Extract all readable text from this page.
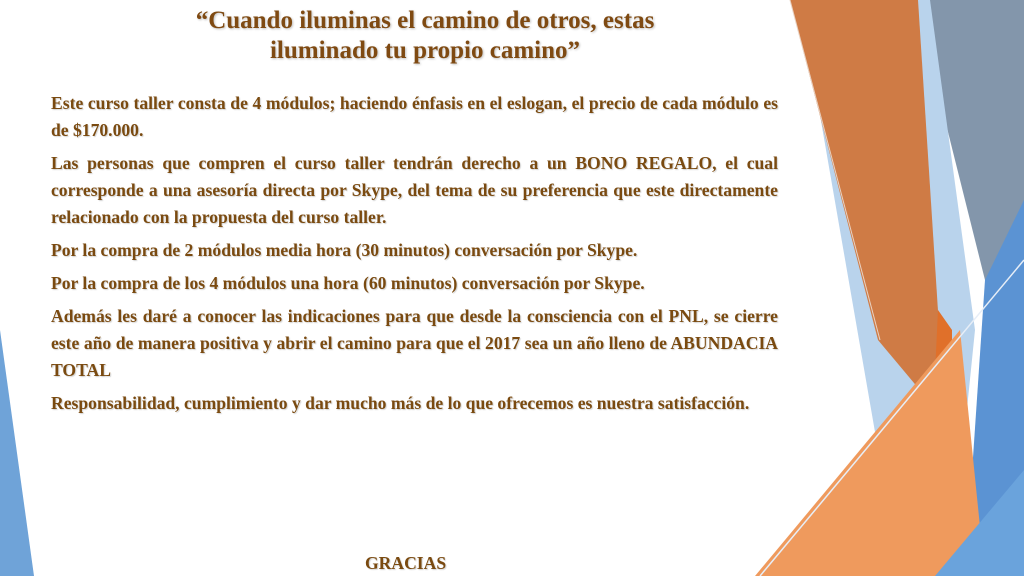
“Cuando iluminas el camino de otros, estas
iluminado tu propio camino”

Este curso taller consta de 4 módulos; haciendo énfasis en el eslogan, el precio de cada módulo es de $170.000.

Las personas que compren el curso taller tendrán derecho a un BONO REGALO, el cual corresponde a una asesoría directa por Skype, del tema de su preferencia que este directamente relacionado con la propuesta del curso taller.

Por la compra de 2 módulos media hora (30 minutos) conversación por Skype.

Por la compra de los 4 módulos una hora (60 minutos) conversación por Skype.

Además les daré a conocer las indicaciones para que desde la consciencia con el PNL, se cierre este año de manera positiva y abrir el camino para que el 2017 sea un año lleno de ABUNDACIA TOTAL

Responsabilidad, cumplimiento y dar mucho más de lo que ofrecemos es nuestra satisfacción.

GRACIAS
